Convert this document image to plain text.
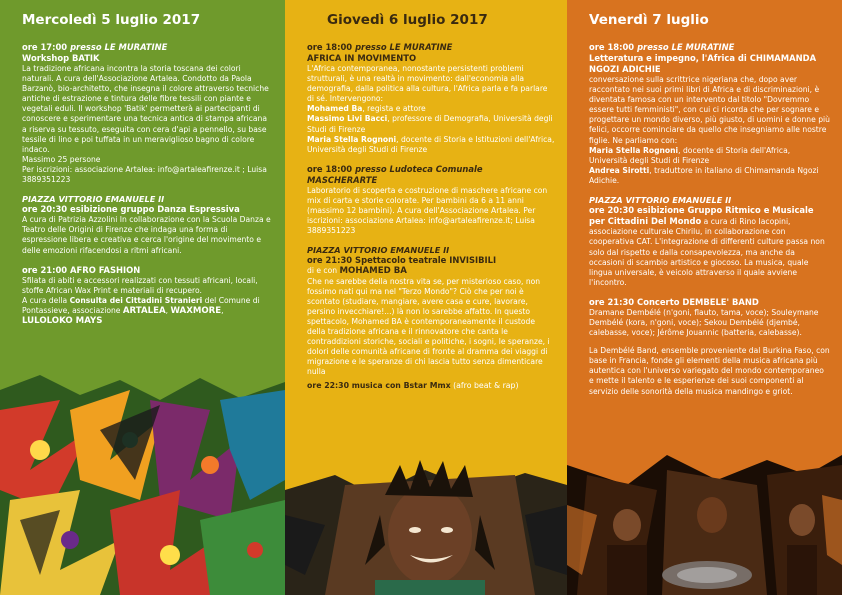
Mercoledì 5 luglio 2017
ore 17:00 presso LE MURATINE
Workshop BATIK

La tradizione africana incontra la storia toscana dei colori naturali. A cura dell'Associazione Artalea. Condotto da Paola Barzanò, bio-architetto, che insegna il colore attraverso tecniche antiche di estrazione e tintura delle fibre tessili con piante e vegetali eduli. Il workshop 'Batik' permetterà ai partecipanti di conoscere e sperimentare una tecnica antica di stampa africana a riserva su tessuto, eseguita con cera d'api a pennello, su base tessile di lino e poi tuffata in un meraviglioso bagno di colore indaco.

Massimo 25 persone

Per iscrizioni: associazione Artalea: info@artaleafirenze.it ; Luisa 3889351223

PIAZZA VITTORIO EMANUELE II
ore 20:30 esibizione gruppo Danza Espressiva

A cura di Patrizia Azzolini In collaborazione con la Scuola Danza e Teatro delle Origini di Firenze che indaga una forma di espressione libera e creativa e cerca l'origine del movimento e delle emozioni rifacendosi a ritmi africani.

ore 21:00 AFRO FASHION

Sfilata di abiti e accessori realizzati con tessuti africani, locali, stoffe African Wax Print e materiali di recupero.

A cura della Consulta dei Cittadini Stranieri del Comune di Pontassieve, associazione ARTALEA, WAXMORE, LULOLOKO MAYS

Giovedì 6 luglio 2017
ore 18:00 presso LE MURATINE
AFRICA IN MOVIMENTO

L'Africa contemporanea, nonostante persistenti problemi strutturali, è una realtà in movimento: dall'economia alla demografia, dalla politica alla cultura, l'Africa parla e fa parlare di sé. Intervengono:

Mohamed Ba, regista e attore

Massimo Livi Bacci, professore di Demografia, Università degli Studi di Firenze

Maria Stella Rognoni, docente di Storia e Istituzioni dell'Africa, Università degli Studi di Firenze

ore 18:00 presso Ludoteca Comunale
MASCHERARTE

Laboratorio di scoperta e costruzione di maschere africane con mix di carta e storie colorate. Per bambini da 6 a 11 anni (massimo 12 bambini). A cura dell'Associazione Artalea. Per iscrizioni: associazione Artalea: info@artaleafirenze.it; Luisa 3889351223

PIAZZA VITTORIO EMANUELE II
ore 21:30 Spettacolo teatrale INVISIBILI
di e con MOHAMED BA

Che ne sarebbe della nostra vita se, per misterioso caso, non fossimo nati qui ma nel "Terzo Mondo"? Ciò che per noi è scontato (studiare, mangiare, avere casa e cure, lavorare, persino invecchiare!...) là non lo sarebbe affatto. In questo spettacolo, Mohamed BA è contemporaneamente il custode della tradizione africana e il rinnovatore che canta le contraddizioni storiche, sociali e politiche, i sogni, le speranze, i dolori delle comunità africane di fronte al dramma dei viaggi di migrazione e le speranze di chi lascia tutto senza dimenticare nulla

ore 22:30 musica con Bstar Mmx (afro beat & rap)
Venerdì 7 luglio
ore 18:00 presso LE MURATINE
Letteratura e impegno, l'Africa di CHIMAMANDA NGOZI ADICHIE

conversazione sulla scrittrice nigeriana che, dopo aver raccontato nei suoi primi libri di Africa e di discriminazioni, è diventata famosa con un intervento dal titolo "Dovremmo essere tutti femministi", con cui ci ricorda che per sognare e progettare un mondo diverso, più giusto, di uomini e donne più felici, occorre cominciare da quello che insegniamo alle nostre figlie. Ne parliamo con:

Maria Stella Rognoni, docente di Storia dell'Africa, Università degli Studi di Firenze

Andrea Sirotti, traduttore in italiano di Chimamanda Ngozi Adichie.

PIAZZA VITTORIO EMANUELE II

ore 20:30 esibizione Gruppo Ritmico e Musicale per Cittadini Del Mondo a cura di Rino Iacopini, associazione culturale Chirilu, in collaborazione con cooperativa CAT. L'integrazione di differenti culture passa non solo dal rispetto e dalla consapevolezza, ma anche da occasioni di scambio artistico e giocoso. La musica, quale lingua universale, è veicolo attraverso il quale avviene l'incontro.

ore 21:30 Concerto DEMBELE' BAND

Dramane Dembélé (n'goni, flauto, tama, voce); Souleymane Dembélé (kora, n'goni, voce); Sekou Dembélé (djembé, calebasse, voce); Jérôme Jouannic (batteria, calebasse).

La Dembélé Band, ensemble proveniente dal Burkina Faso, con base in Francia, fonde gli elementi della musica africana più autentica con l'universo variegato del mondo contemporaneo e mette il talento e le esperienze dei suoi componenti al servizio delle sonorità della musica mandingo e griot.
